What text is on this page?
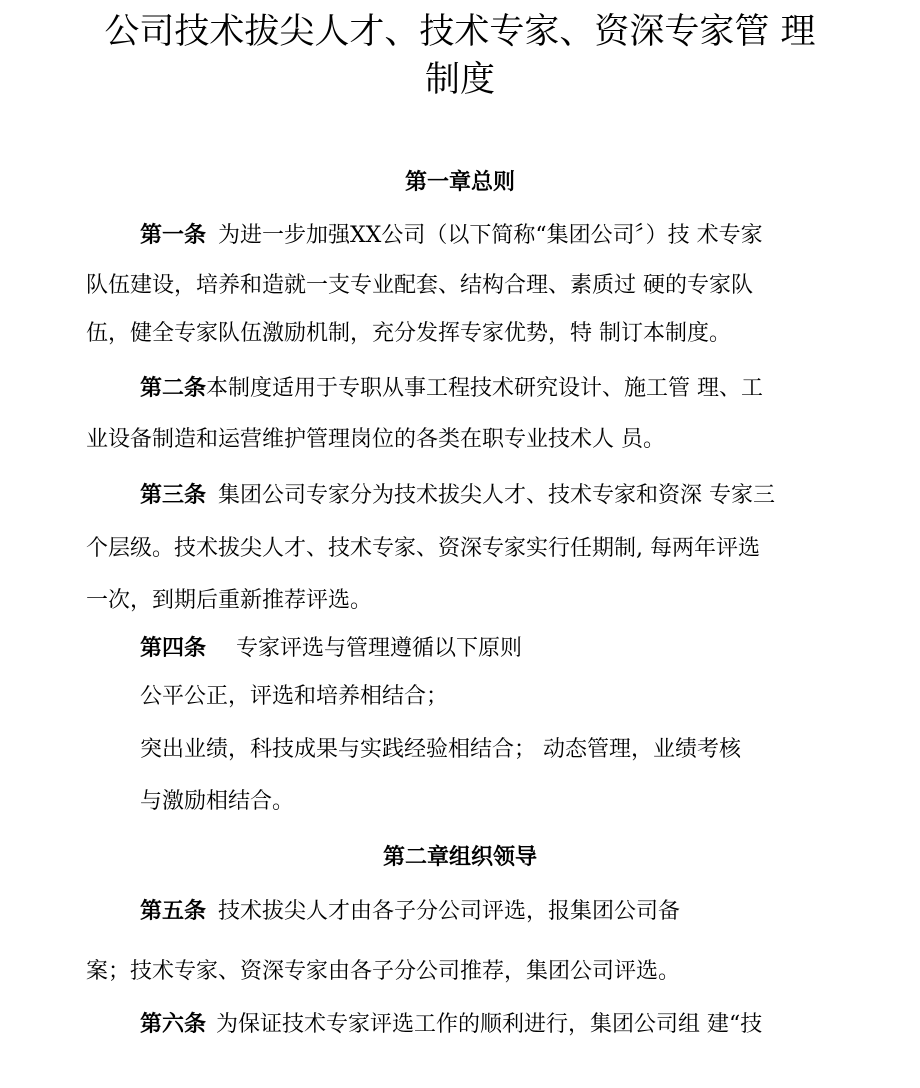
公司技术拔尖人才、技术专家、资深专家管 理
制度
第一章总则
第一条 为进一步加强XX公司（以下简称“集团公司〞）技 术专家
队伍建设，培养和造就一支专业配套、结构合理、素质过 硬的专家队
伍，健全专家队伍激励机制，充分发挥专家优势，特 制订本制度。
第二条本制度适用于专职从事工程技术研究设计、施工管 理、工
业设备制造和运营维护管理岗位的各类在职专业技术人 员。
第三条 集团公司专家分为技术拔尖人才、技术专家和资深 专家三
个层级。技术拔尖人才、技术专家、资深专家实行任期制, 每两年评选
一次，到期后重新推荐评选。
第四条 专家评选与管理遵循以下原则
公平公正，评选和培养相结合；
突出业绩，科技成果与实践经验相结合； 动态管理，业绩考核
与激励相结合。
第二章组织领导
第五条 技术拔尖人才由各子分公司评选，报集团公司备
案；技术专家、资深专家由各子分公司推荐，集团公司评选。
第六条 为保证技术专家评选工作的顺利进行，集团公司组 建“技
